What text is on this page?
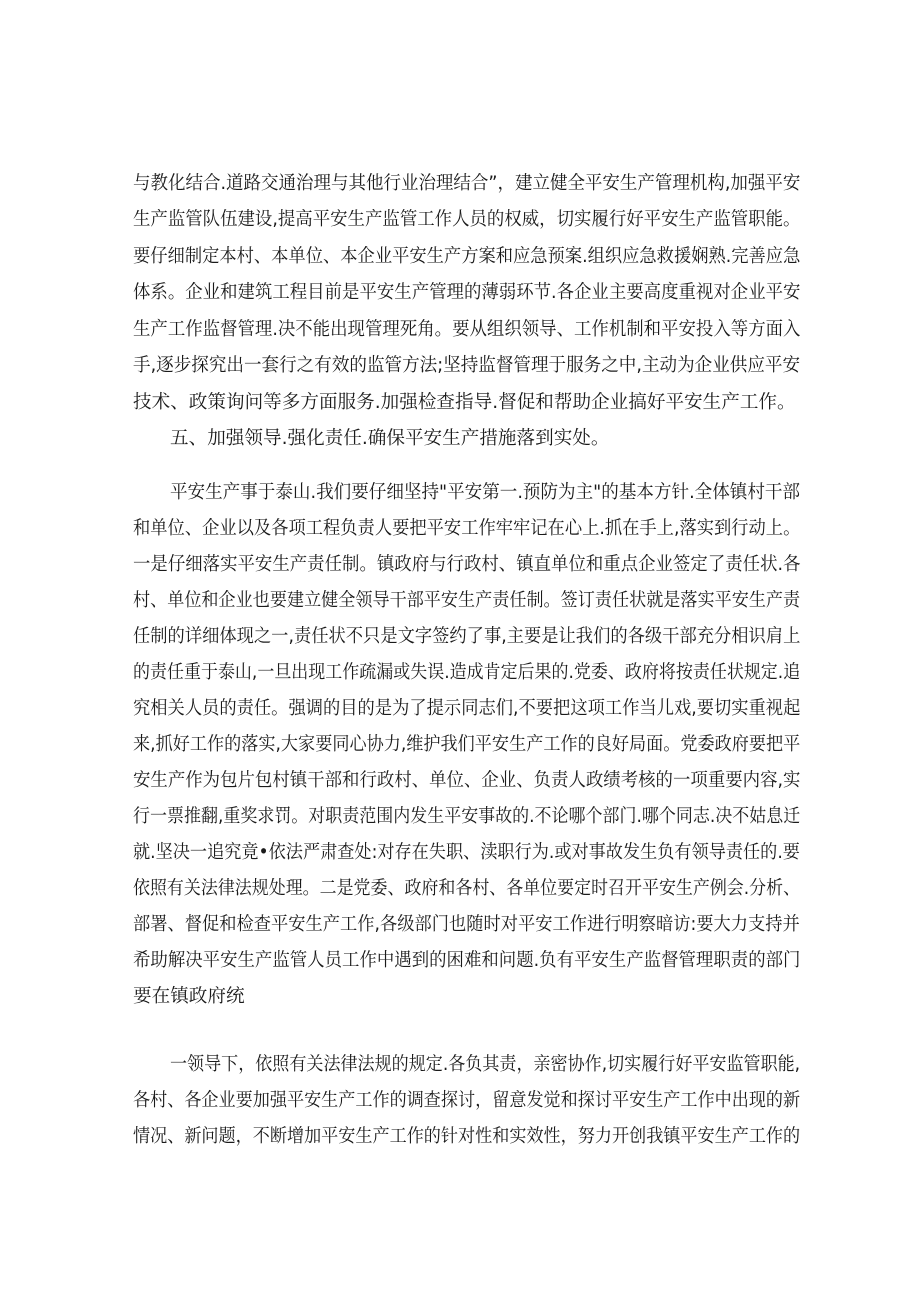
与教化结合.道路交通治理与其他行业治理结合”，建立健全平安生产管理机构,加强平安
生产监管队伍建设,提高平安生产监管工作人员的权威，切实履行好平安生产监管职能。
要仔细制定本村、本单位、本企业平安生产方案和应急预案.组织应急救援娴熟.完善应急
体系。企业和建筑工程目前是平安生产管理的薄弱环节.各企业主要高度重视对企业平安
生产工作监督管理.决不能出现管理死角。要从组织领导、工作机制和平安投入等方面入
手,逐步探究出一套行之有效的监管方法;坚持监督管理于服务之中,主动为企业供应平安
技术、政策询问等多方面服务.加强检查指导.督促和帮助企业搞好平安生产工作。
五、加强领导.强化责任.确保平安生产措施落到实处。
平安生产事于泰山.我们要仔细坚持"平安第一.预防为主"的基本方针.全体镇村干部
和单位、企业以及各项工程负责人要把平安工作牢牢记在心上.抓在手上,落实到行动上。
一是仔细落实平安生产责任制。镇政府与行政村、镇直单位和重点企业签定了责任状.各
村、单位和企业也要建立健全领导干部平安生产责任制。签订责任状就是落实平安生产责
任制的详细体现之一,责任状不只是文字签约了事,主要是让我们的各级干部充分相识肩上
的责任重于泰山,一旦出现工作疏漏或失误.造成肯定后果的.党委、政府将按责任状规定.追
究相关人员的责任。强调的目的是为了提示同志们,不要把这项工作当儿戏,要切实重视起
来,抓好工作的落实,大家要同心协力,维护我们平安生产工作的良好局面。党委政府要把平
安生产作为包片包村镇干部和行政村、单位、企业、负责人政绩考核的一项重要内容,实
行一票推翻,重奖求罚。对职责范围内发生平安事故的.不论哪个部门.哪个同志.决不姑息迁
就.坚决一追究竟•依法严肃查处:对存在失职、渎职行为.或对事故发生负有领导责任的.要
依照有关法律法规处理。二是党委、政府和各村、各单位要定时召开平安生产例会.分析、
部署、督促和检查平安生产工作,各级部门也随时对平安工作进行明察暗访:要大力支持并
希助解决平安生产监管人员工作中遇到的困难和问题.负有平安生产监督管理职责的部门
要在镇政府统
一领导下，依照有关法律法规的规定.各负其责，亲密协作,切实履行好平安监管职能,
各村、各企业要加强平安生产工作的调查探讨，留意发觉和探讨平安生产工作中出现的新
情况、新问题，不断增加平安生产工作的针对性和实效性，努力开创我镇平安生产工作的
